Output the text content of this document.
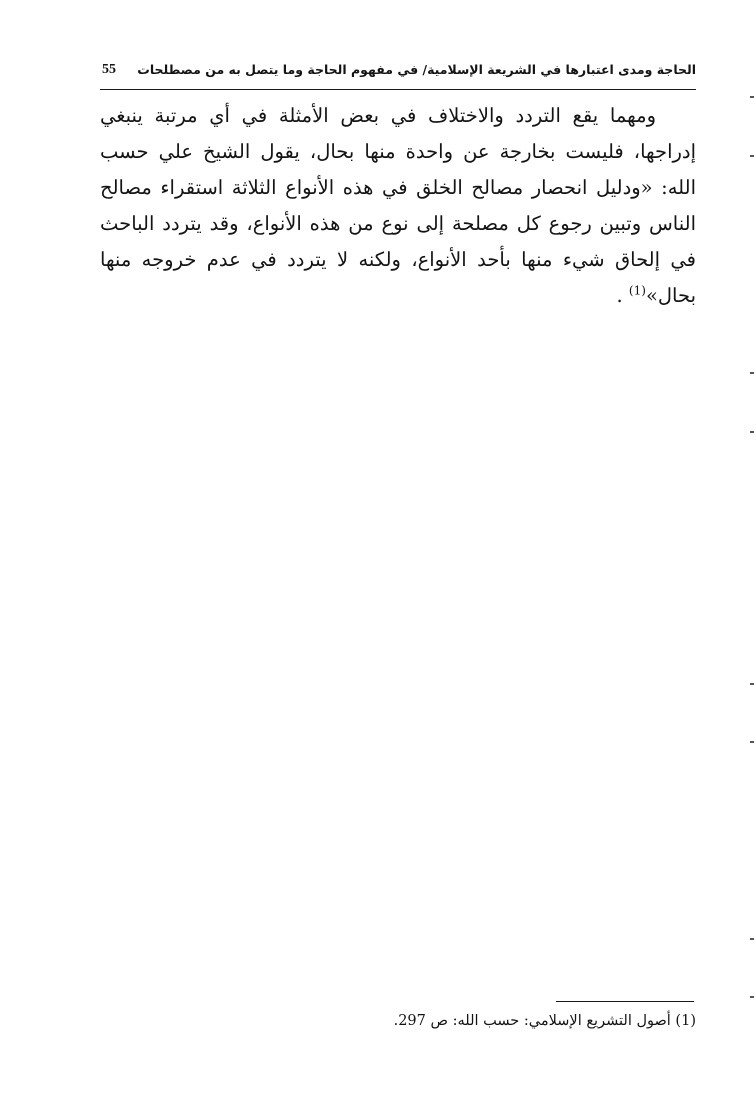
الحاجة ومدى اعتبارها في الشريعة الإسلامية/ في مفهوم الحاجة وما يتصل به من مصطلحات
55
ومهما يقع التردد والاختلاف في بعض الأمثلة في أي مرتبة ينبغي
إدراجها، فليست بخارجة عن واحدة منها بحال، يقول الشيخ علي حسب
الله: «ودليل انحصار مصالح الخلق في هذه الأنواع الثلاثة استقراء مصالح
الناس وتبين رجوع كل مصلحة إلى نوع من هذه الأنواع، وقد يتردد الباحث
في إلحاق شيء منها بأحد الأنواع، ولكنه لا يتردد في عدم خروجه منها
بحال»$^{(1)}$ .
(1) أصول التشريع الإسلامي: حسب الله: ص 297.
